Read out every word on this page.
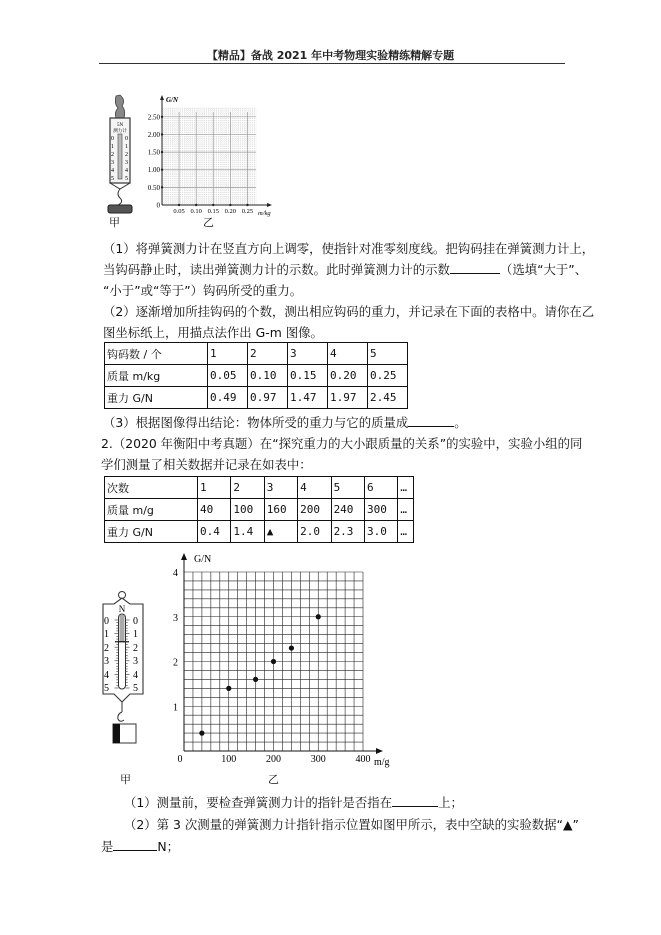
【精品】备战 2021 年中考物理实验精练精解专题
5N
测力计
0 0
1 1
2 2
3 3
4 4
5 5
甲
G/N
m/kg
0
0.50
1.00
1.50
2.00
2.50
0.05 0.10 0.15 0.20 0.25
乙
（1）将弹簧测力计在竖直方向上调零，使指针对准零刻度线。把钩码挂在弹簧测力计上，
当钩码静止时，读出弹簧测力计的示数。此时弹簧测力计的示数	（选填“大于”、
“小于”或“等于”）钩码所受的重力。
（2）逐渐增加所挂钩码的个数，测出相应钩码的重力，并记录在下面的表格中。请你在乙
图坐标纸上，用描点法作出 G-m 图像。
钩码数 / 个	1	2	3	4	5
质量 m/kg	0.05	0.10	0.15	0.20	0.25
重力 G/N	0.49	0.97	1.47	1.97	2.45
（3）根据图像得出结论：物体所受的重力与它的质量成	。
2.（2020 年衡阳中考真题）在“探究重力的大小跟质量的关系”的实验中，实验小组的同
学们测量了相关数据并记录在如表中：
次数	1	2	3	4	5	6	…
质量 m/g	40	100	160	200	240	300	…
重力 G/N	0.4	1.4	▲	2.0	2.3	3.0	…
0 0
1 1
2 2
3 3
4 4
5 5
N
甲
G/N
m/g
1
2
3
4
0	100	200	300	400
乙
（1）测量前，要检查弹簧测力计的指针是否指在	上；
（2）第 3 次测量的弹簧测力计指针指示位置如图甲所示，表中空缺的实验数据“▲”
是	N；
